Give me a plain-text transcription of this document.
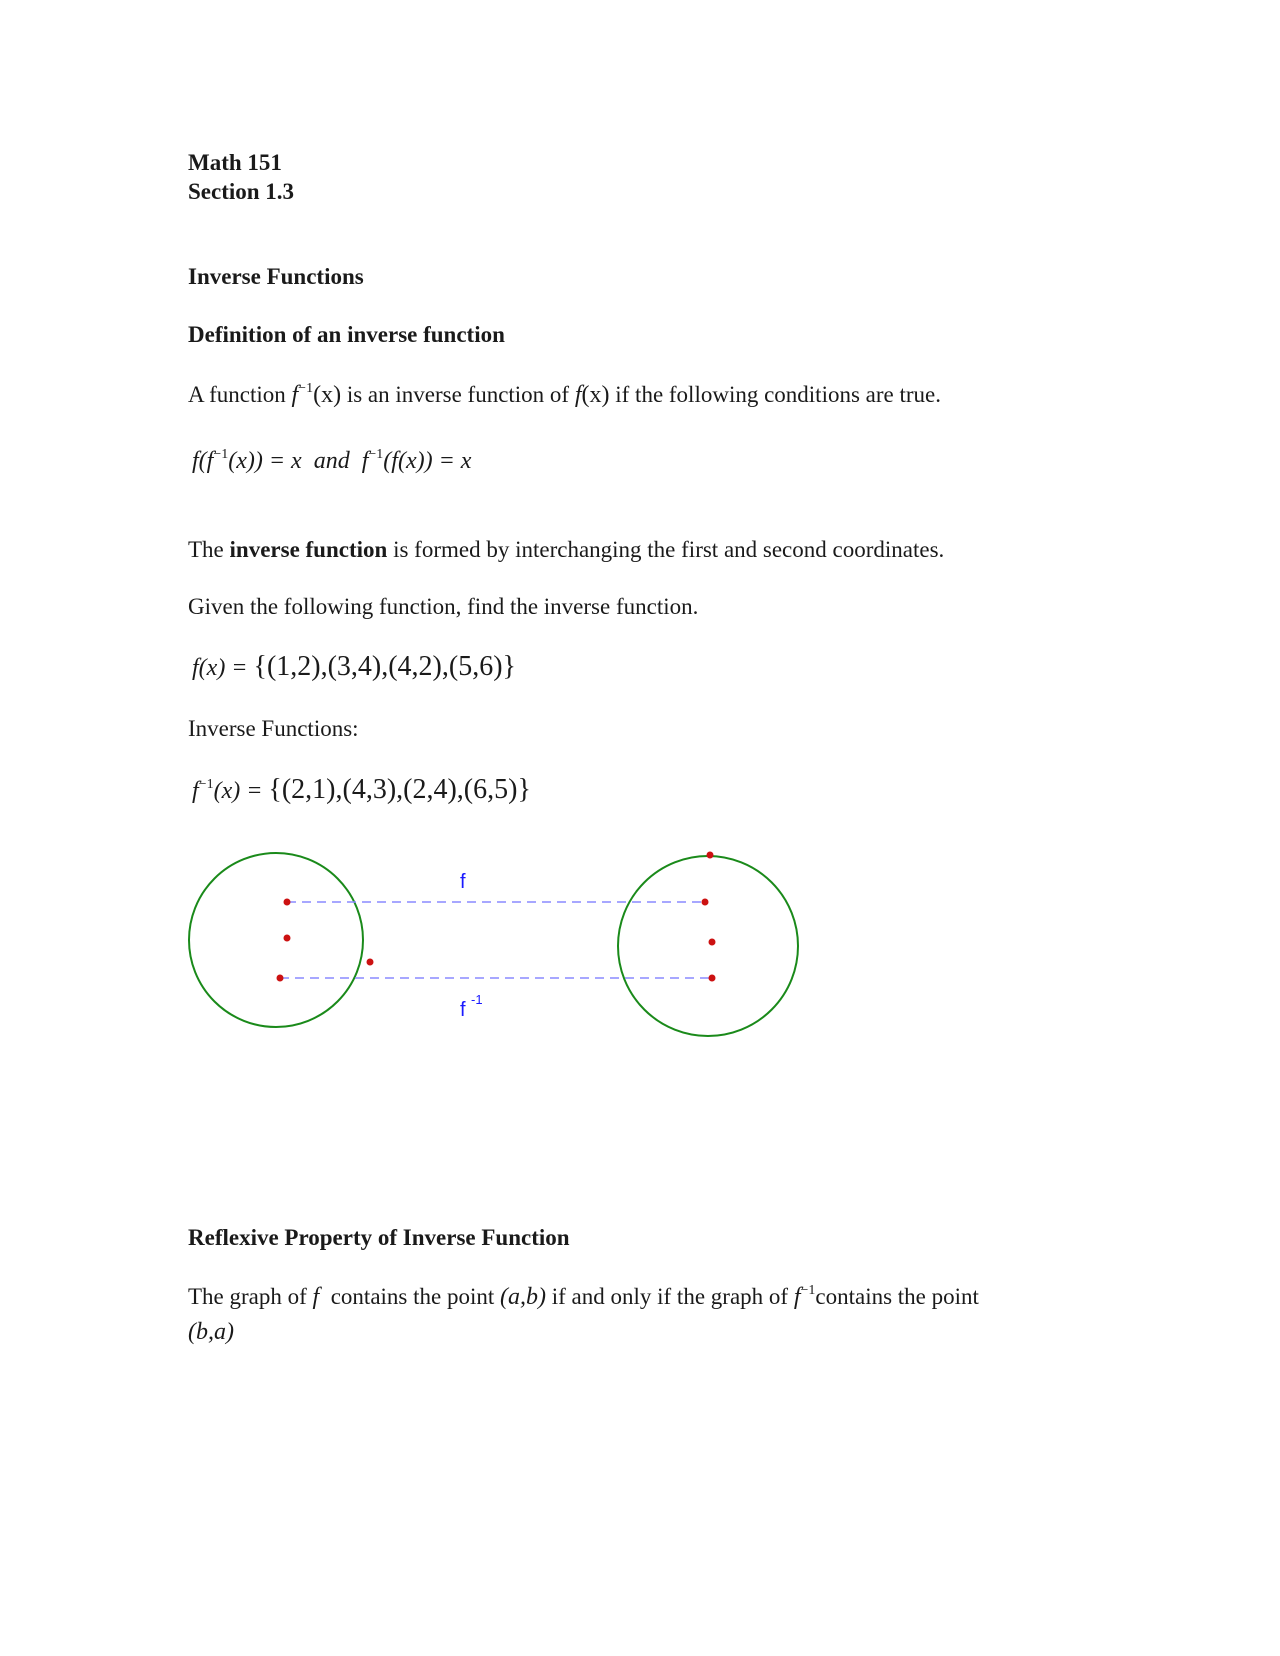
Math 151
Section 1.3
Inverse Functions
Definition of an inverse function
A function $f^{-1}(x)$ is an inverse function of f(x) if the following conditions are true.
$f(f^{-1}(x)) = x$ and $f^{-1}(f(x)) = x$
The inverse function is formed by interchanging the first and second coordinates.
Given the following function, find the inverse function.
f(x) = {(1,2),(3,4),(4,2),(5,6)}
Inverse Functions:
$f^{-1}(x) = \{(2,1),(4,3),(2,4),(6,5)\}$
f
f -1
Reflexive Property of Inverse Function
The graph of f contains the point (a,b) if and only if the graph of $f^{-1}contains$ the point
(b,a)
